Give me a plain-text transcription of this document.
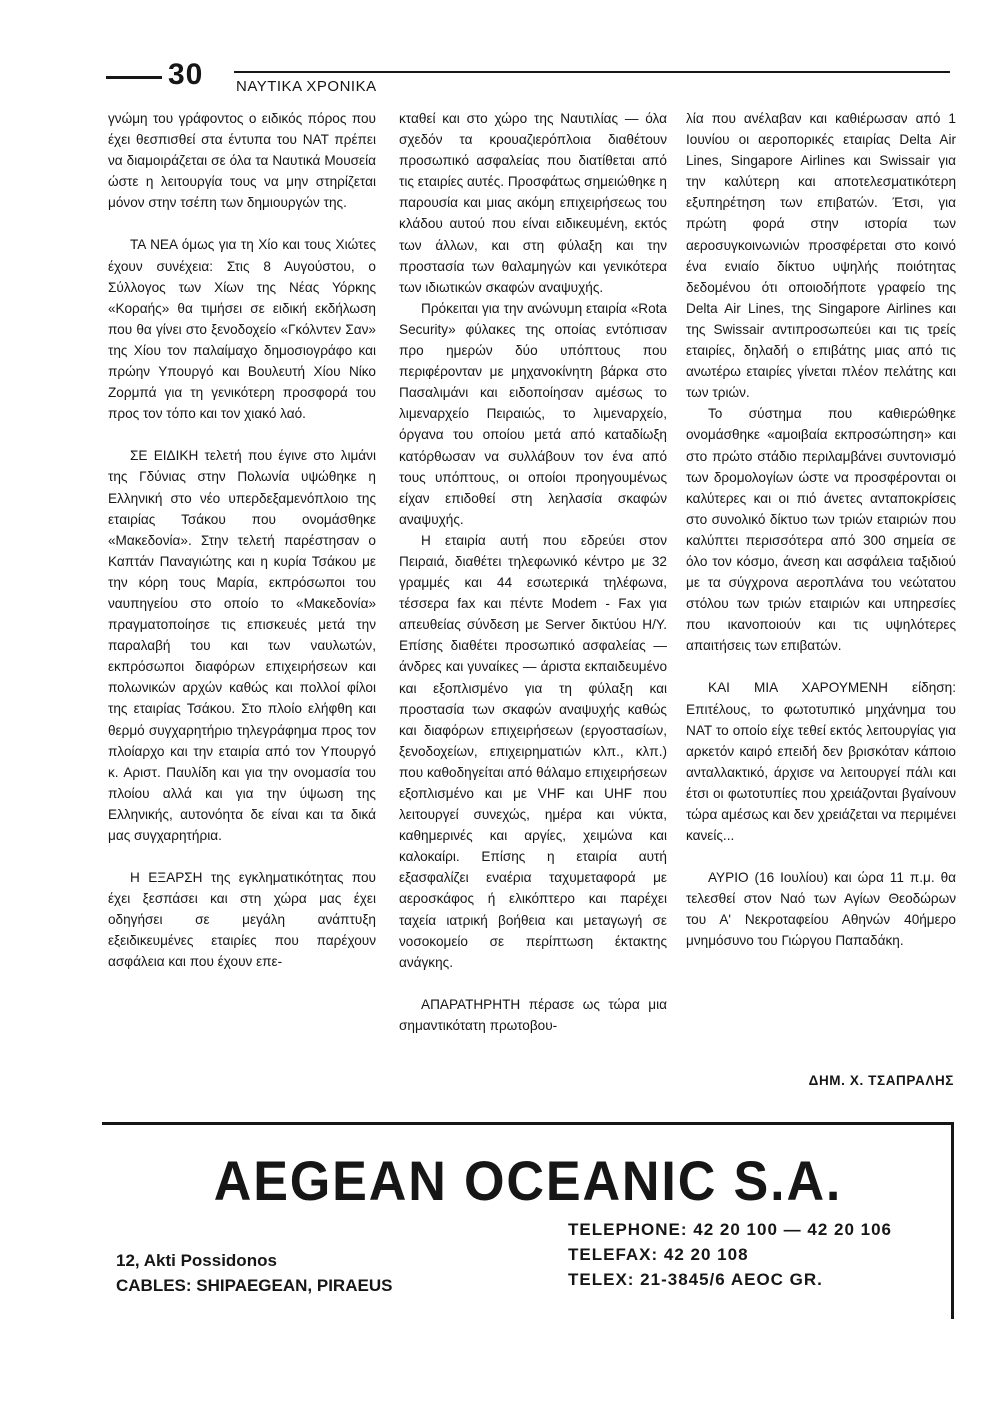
30 ΝΑΥΤΙΚΑ ΧΡΟΝΙΚΑ

γνώμη του γράφοντος ο ειδικός πόρος που έχει θεσπισθεί στα έντυπα του ΝΑΤ πρέπει να διαμοιράζεται σε όλα τα Ναυτικά Μουσεία ώστε η λειτουργία τους να μην στηρίζεται μόνον στην τσέπη των δημιουργών της.

ΤΑ ΝΕΑ όμως για τη Χίο και τους Χιώτες έχουν συνέχεια: Στις 8 Αυγούστου, ο Σύλλογος των Χίων της Νέας Υόρκης «Κοραής» θα τιμήσει σε ειδική εκδήλωση που θα γίνει στο ξενοδοχείο «Γκόλντεν Σαν» της Χίου τον παλαίμαχο δημοσιογράφο και πρώην Υπουργό και Βουλευτή Χίου Νίκο Ζορμπά για τη γενικότερη προσφορά του προς τον τόπο και τον χιακό λαό.

ΣΕ ΕΙΔΙΚΗ τελετή που έγινε στο λιμάνι της Γδύνιας στην Πολωνία υψώθηκε η Ελληνική στο νέο υπερδεξαμενόπλοιο της εταιρίας Τσάκου που ονομάσθηκε «Μακεδονία». Στην τελετή παρέστησαν ο Καπτάν Παναγιώτης και η κυρία Τσάκου με την κόρη τους Μαρία, εκπρόσωποι του ναυπηγείου στο οποίο το «Μακεδονία» πραγματοποίησε τις επισκευές μετά την παραλαβή του και των ναυλωτών, εκπρόσωποι διαφόρων επιχειρήσεων και πολωνικών αρχών καθώς και πολλοί φίλοι της εταιρίας Τσάκου. Στο πλοίο ελήφθη και θερμό συγχαρητήριο τηλεγράφημα προς τον πλοίαρχο και την εταιρία από τον Υπουργό κ. Αριστ. Παυλίδη και για την ονομασία του πλοίου αλλά και για την ύψωση της Ελληνικής, αυτονόητα δε είναι και τα δικά μας συγχαρητήρια.

Η ΕΞΑΡΣΗ της εγκληματικότητας που έχει ξεσπάσει και στη χώρα μας έχει οδηγήσει σε μεγάλη ανάπτυξη εξειδικευμένες εταιρίες που παρέχουν ασφάλεια και που έχουν επε-

κταθεί και στο χώρο της Ναυτιλίας — όλα σχεδόν τα κρουαζιερόπλοια διαθέτουν προσωπικό ασφαλείας που διατίθεται από τις εταιρίες αυτές. Προσφάτως σημειώθηκε η παρουσία και μιας ακόμη επιχειρήσεως του κλάδου αυτού που είναι ειδικευμένη, εκτός των άλλων, και στη φύλαξη και την προστασία των θαλαμηγών και γενικότερα των ιδιωτικών σκαφών αναψυχής.

Πρόκειται για την ανώνυμη εταιρία «Rota Security» φύλακες της οποίας εντόπισαν προ ημερών δύο υπόπτους που περιφέρονταν με μηχανοκίνητη βάρκα στο Πασαλιμάνι και ειδοποίησαν αμέσως το λιμεναρχείο Πειραιώς, το λιμεναρχείο, όργανα του οποίου μετά από καταδίωξη κατόρθωσαν να συλλάβουν τον ένα από τους υπόπτους, οι οποίοι προηγουμένως είχαν επιδοθεί στη λεηλασία σκαφών αναψυχής.

Η εταιρία αυτή που εδρεύει στον Πειραιά, διαθέτει τηλεφωνικό κέντρο με 32 γραμμές και 44 εσωτερικά τηλέφωνα, τέσσερα fax και πέντε Modem - Fax για απευθείας σύνδεση με Server δικτύου Η/Υ. Επίσης διαθέτει προσωπικό ασφαλείας — άνδρες και γυναίκες — άριστα εκπαιδευμένο και εξοπλισμένο για τη φύλαξη και προστασία των σκαφών αναψυχής καθώς και διαφόρων επιχειρήσεων (εργοστασίων, ξενοδοχείων, επιχειρηματιών κλπ., κλπ.) που καθοδηγείται από θάλαμο επιχειρήσεων εξοπλισμένο και με VHF και UHF που λειτουργεί συνεχώς, ημέρα και νύκτα, καθημερινές και αργίες, χειμώνα και καλοκαίρι. Επίσης η εταιρία αυτή εξασφαλίζει εναέρια ταχυμεταφορά με αεροσκάφος ή ελικόπτερο και παρέχει ταχεία ιατρική βοήθεια και μεταγωγή σε νοσοκομείο σε περίπτωση έκτακτης ανάγκης.

ΑΠΑΡΑΤΗΡΗΤΗ πέρασε ως τώρα μια σημαντικότατη πρωτοβου-

λία που ανέλαβαν και καθιέρωσαν από 1 Ιουνίου οι αεροπορικές εταιρίας Delta Air Lines, Singapore Airlines και Swissair για την καλύτερη και αποτελεσματικότερη εξυπηρέτηση των επιβατών. Έτσι, για πρώτη φορά στην ιστορία των αεροσυγκοινωνιών προσφέρεται στο κοινό ένα ενιαίο δίκτυο υψηλής ποιότητας δεδομένου ότι οποιοδήποτε γραφείο της Delta Air Lines, της Singapore Airlines και της Swissair αντιπροσωπεύει και τις τρείς εταιρίες, δηλαδή ο επιβάτης μιας από τις ανωτέρω εταιρίες γίνεται πλέον πελάτης και των τριών.

Το σύστημα που καθιερώθηκε ονομάσθηκε «αμοιβαία εκπροσώπηση» και στο πρώτο στάδιο περιλαμβάνει συντονισμό των δρομολογίων ώστε να προσφέρονται οι καλύτερες και οι πιό άνετες ανταποκρίσεις στο συνολικό δίκτυο των τριών εταιριών που καλύπτει περισσότερα από 300 σημεία σε όλο τον κόσμο, άνεση και ασφάλεια ταξιδιού με τα σύγχρονα αεροπλάνα του νεώτατου στόλου των τριών εταιριών και υπηρεσίες που ικανοποιούν και τις υψηλότερες απαιτήσεις των επιβατών.

ΚΑΙ ΜΙΑ ΧΑΡΟΥΜΕΝΗ είδηση: Επιτέλους, το φωτοτυπικό μηχάνημα του ΝΑΤ το οποίο είχε τεθεί εκτός λειτουργίας για αρκετόν καιρό επειδή δεν βρισκόταν κάποιο ανταλλακτικό, άρχισε να λειτουργεί πάλι και έτσι οι φωτοτυπίες που χρειάζονται βγαίνουν τώρα αμέσως και δεν χρειάζεται να περιμένει κανείς...

ΑΥΡΙΟ (16 Ιουλίου) και ώρα 11 π.μ. θα τελεσθεί στον Ναό των Αγίων Θεοδώρων του Α' Νεκροταφείου Αθηνών 40ήμερο μνημόσυνο του Γιώργου Παπαδάκη.

ΔΗΜ. Χ. ΤΣΑΠΡΑΛΗΣ
AEGEAN OCEANIC S.A.
TELEPHONE: 42 20 100 — 42 20 106
TELEFAX: 42 20 108
TELEX: 21-3845/6 AEOC GR.
12, Akti Possidonos
CABLES: SHIPAEGEAN, PIRAEUS
